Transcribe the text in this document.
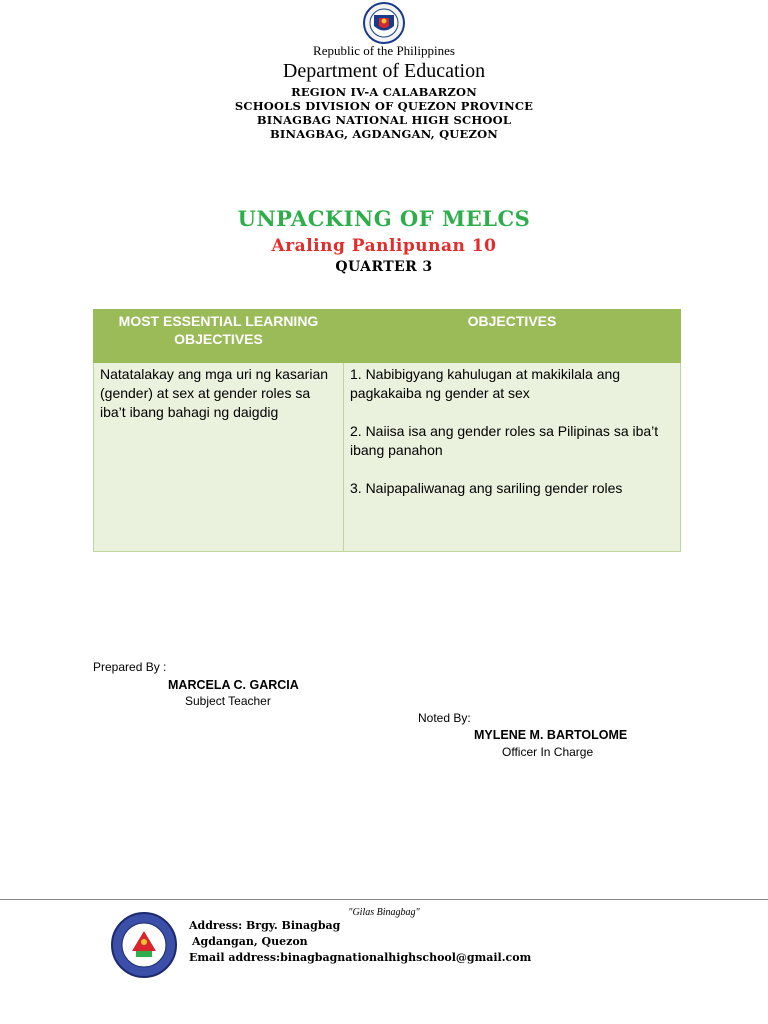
Republic of the Philippines
Department of Education
REGION IV-A CALABARZON
SCHOOLS DIVISION OF QUEZON PROVINCE
BINAGBAG NATIONAL HIGH SCHOOL
BINAGBAG, AGDANGAN, QUEZON
UNPACKING OF MELCS
Araling Panlipunan 10
QUARTER 3
MOST ESSENTIAL LEARNING OBJECTIVES	OBJECTIVES
Natatalakay ang mga uri ng kasarian (gender) at sex at gender roles sa iba’t ibang bahagi ng daigdig	1. Nabibigyang kahulugan at makikilala ang pagkakaiba ng gender at sex

2. Naiisa isa ang gender roles sa Pilipinas sa iba’t ibang panahon

3. Naipapaliwanag ang sariling gender roles

Prepared By :
MARCELA C. GARCIA
Subject Teacher
Noted By:
MYLENE M. BARTOLOME
Officer In Charge
"Gilas Binagbag"
Address: Brgy. Binagbag
Agdangan, Quezon
Email address:binagbagnationalhighschool@gmail.com
